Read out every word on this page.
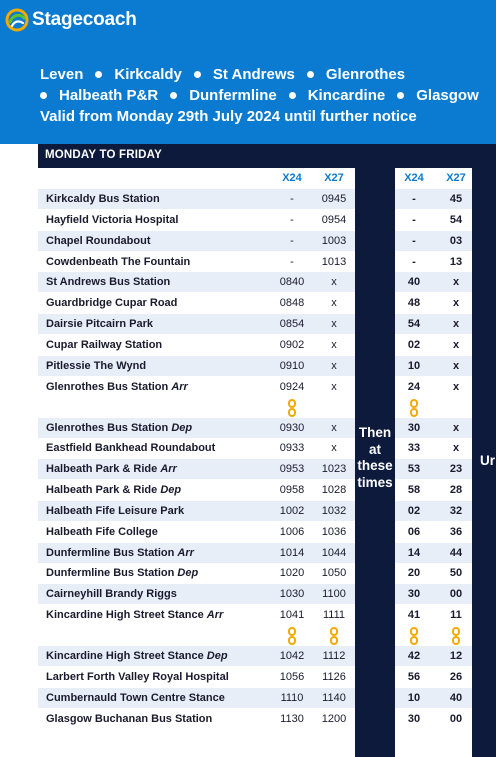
Stagecoach
Leven Kirkcaldy St Andrews Glenrothes
Halbeath P&R Dunfermline Kincardine Glasgow
Valid from Monday 29th July 2024 until further notice
MONDAY TO FRIDAY
X24	X27	X24	X27
Then at these times
Ur
Kirkcaldy Bus Station	-	0945	-	45
Hayfield Victoria Hospital	-	0954	-	54
Chapel Roundabout	-	1003	-	03
Cowdenbeath The Fountain	-	1013	-	13
St Andrews Bus Station	0840	x	40	x
Guardbridge Cupar Road	0848	x	48	x
Dairsie Pitcairn Park	0854	x	54	x
Cupar Railway Station	0902	x	02	x
Pitlessie The Wynd	0910	x	10	x
Glenrothes Bus Station Arr	0924	x	24	x
Glenrothes Bus Station Dep	0930	x	30	x
Eastfield Bankhead Roundabout	0933	x	33	x
Halbeath Park & Ride Arr	0953	1023	53	23
Halbeath Park & Ride Dep	0958	1028	58	28
Halbeath Fife Leisure Park	1002	1032	02	32
Halbeath Fife College	1006	1036	06	36
Dunfermline Bus Station Arr	1014	1044	14	44
Dunfermline Bus Station Dep	1020	1050	20	50
Cairneyhill Brandy Riggs	1030	1100	30	00
Kincardine High Street Stance Arr	1041	1111	41	11
Kincardine High Street Stance Dep	1042	1112	42	12
Larbert Forth Valley Royal Hospital	1056	1126	56	26
Cumbernauld Town Centre Stance	1110	1140	10	40
Glasgow Buchanan Bus Station	1130	1200	30	00
